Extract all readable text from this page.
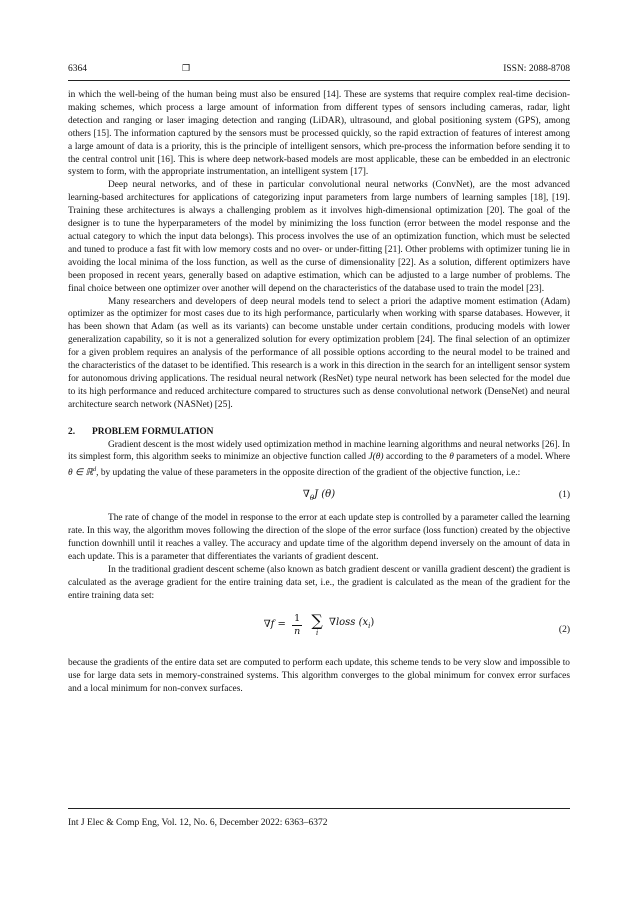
6364	❒	ISSN: 2088-8708

in which the well-being of the human being must also be ensured [14]. These are systems that require complex real-time decision-making schemes, which process a large amount of information from different types of sensors including cameras, radar, light detection and ranging or laser imaging detection and ranging (LiDAR), ultrasound, and global positioning system (GPS), among others [15]. The information captured by the sensors must be processed quickly, so the rapid extraction of features of interest among a large amount of data is a priority, this is the principle of intelligent sensors, which pre-process the information before sending it to the central control unit [16]. This is where deep network-based models are most applicable, these can be embedded in an electronic system to form, with the appropriate instrumentation, an intelligent system [17].

Deep neural networks, and of these in particular convolutional neural networks (ConvNet), are the most advanced learning-based architectures for applications of categorizing input parameters from large numbers of learning samples [18], [19]. Training these architectures is always a challenging problem as it involves high-dimensional optimization [20]. The goal of the designer is to tune the hyperparameters of the model by minimizing the loss function (error between the model response and the actual category to which the input data belongs). This process involves the use of an optimization function, which must be selected and tuned to produce a fast fit with low memory costs and no over- or under-fitting [21]. Other problems with optimizer tuning lie in avoiding the local minima of the loss function, as well as the curse of dimensionality [22]. As a solution, different optimizers have been proposed in recent years, generally based on adaptive estimation, which can be adjusted to a large number of problems. The final choice between one optimizer over another will depend on the characteristics of the database used to train the model [23].

Many researchers and developers of deep neural models tend to select a priori the adaptive moment estimation (Adam) optimizer as the optimizer for most cases due to its high performance, particularly when working with sparse databases. However, it has been shown that Adam (as well as its variants) can become unstable under certain conditions, producing models with lower generalization capability, so it is not a generalized solution for every optimization problem [24]. The final selection of an optimizer for a given problem requires an analysis of the performance of all possible options according to the neural model to be trained and the characteristics of the dataset to be identified. This research is a work in this direction in the search for an intelligent sensor system for autonomous driving applications. The residual neural network (ResNet) type neural network has been selected for the model due to its high performance and reduced architecture compared to structures such as dense convolutional network (DenseNet) and neural architecture search network (NASNet) [25].

2. PROBLEM FORMULATION

Gradient descent is the most widely used optimization method in machine learning algorithms and neural networks [26]. In its simplest form, this algorithm seeks to minimize an objective function called J(θ) according to the θ parameters of a model. Where θ ∈ ℝ$^d$, by updating the value of these parameters in the opposite direction of the gradient of the objective function, i.e.:

$\nabla_\theta J$ (θ)	(1)

The rate of change of the model in response to the error at each update step is controlled by a parameter called the learning rate. In this way, the algorithm moves following the direction of the slope of the error surface (loss function) created by the objective function downhill until it reaches a valley. The accuracy and update time of the algorithm depend inversely on the amount of data in each update. This is a parameter that differentiates the variants of gradient descent.

In the traditional gradient descent scheme (also known as batch gradient descent or vanilla gradient descent) the gradient is calculated as the average gradient for the entire training data set, i.e., the gradient is calculated as the mean of the gradient for the entire training data set:

$\nabla f = \frac{1}{n}$
∑
i
∇loss $(x_i)$
(2)

because the gradients of the entire data set are computed to perform each update, this scheme tends to be very slow and impossible to use for large data sets in memory-constrained systems. This algorithm converges to the global minimum for convex error surfaces and a local minimum for non-convex surfaces.

Int J Elec & Comp Eng, Vol. 12, No. 6, December 2022: 6363–6372
